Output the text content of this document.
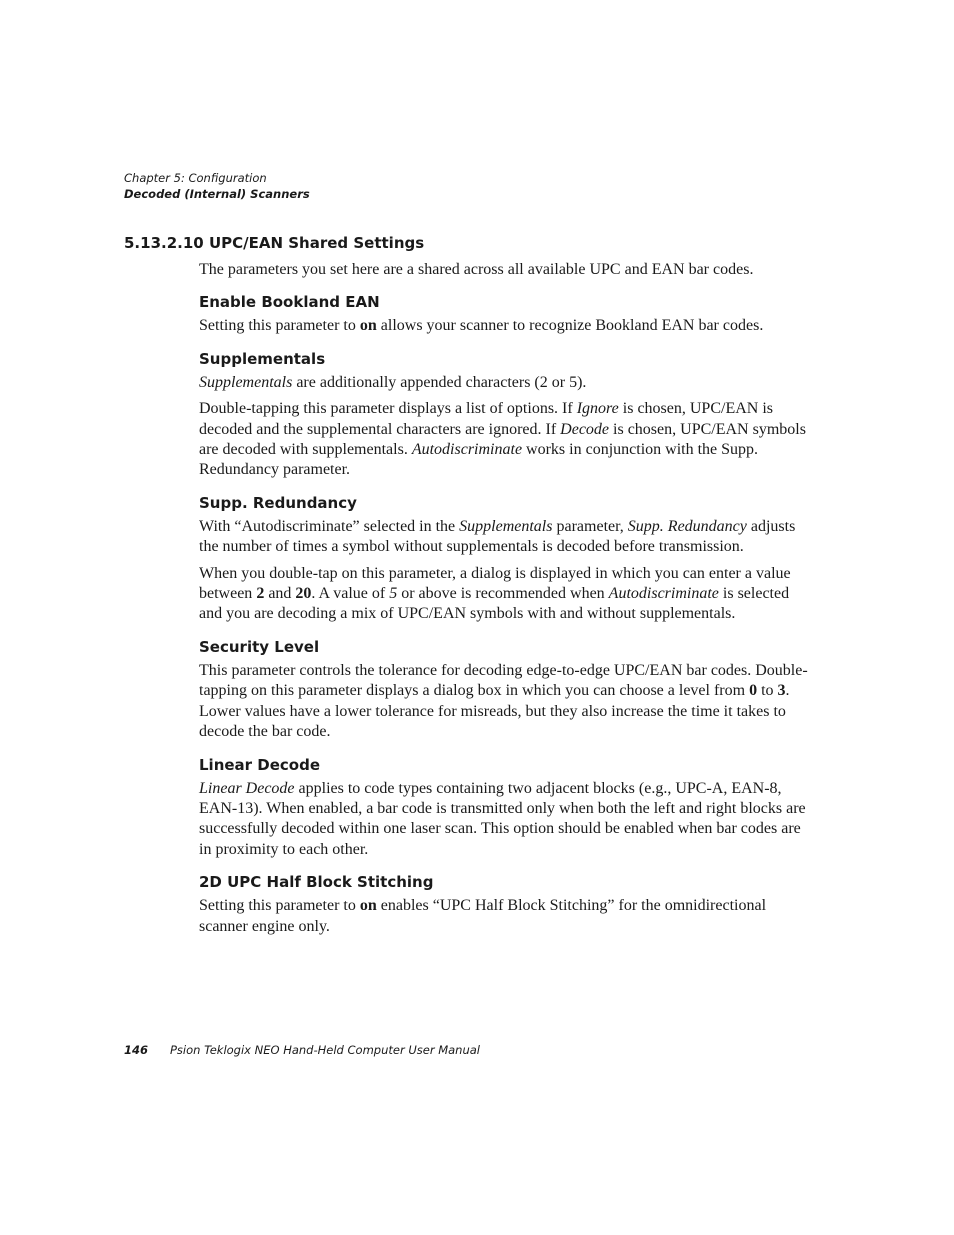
Chapter 5: Configuration
Decoded (Internal) Scanners
5.13.2.10 UPC/EAN Shared Settings

The parameters you set here are a shared across all available UPC and EAN bar codes.

Enable Bookland EAN

Setting this parameter to on allows your scanner to recognize Bookland EAN bar codes.

Supplementals

Supplementals are additionally appended characters (2 or 5).

Double-tapping this parameter displays a list of options. If Ignore is chosen, UPC/EAN is decoded and the supplemental characters are ignored. If Decode is chosen, UPC/EAN symbols are decoded with supplementals. Autodiscriminate works in conjunction with the Supp. Redundancy parameter.

Supp. Redundancy

With “Autodiscriminate” selected in the Supplementals parameter, Supp. Redundancy adjusts the number of times a symbol without supplementals is decoded before transmission.

When you double-tap on this parameter, a dialog is displayed in which you can enter a value between 2 and 20. A value of 5 or above is recommended when Autodiscriminate is selected and you are decoding a mix of UPC/EAN symbols with and without supplementals.

Security Level

This parameter controls the tolerance for decoding edge-to-edge UPC/EAN bar codes. Double-tapping on this parameter displays a dialog box in which you can choose a level from 0 to 3. Lower values have a lower tolerance for misreads, but they also increase the time it takes to decode the bar code.

Linear Decode

Linear Decode applies to code types containing two adjacent blocks (e.g., UPC-A, EAN-8, EAN-13). When enabled, a bar code is transmitted only when both the left and right blocks are successfully decoded within one laser scan. This option should be enabled when bar codes are in proximity to each other.

2D UPC Half Block Stitching

Setting this parameter to on enables “UPC Half Block Stitching” for the omnidirectional scanner engine only.

146 Psion Teklogix NEO Hand-Held Computer User Manual
